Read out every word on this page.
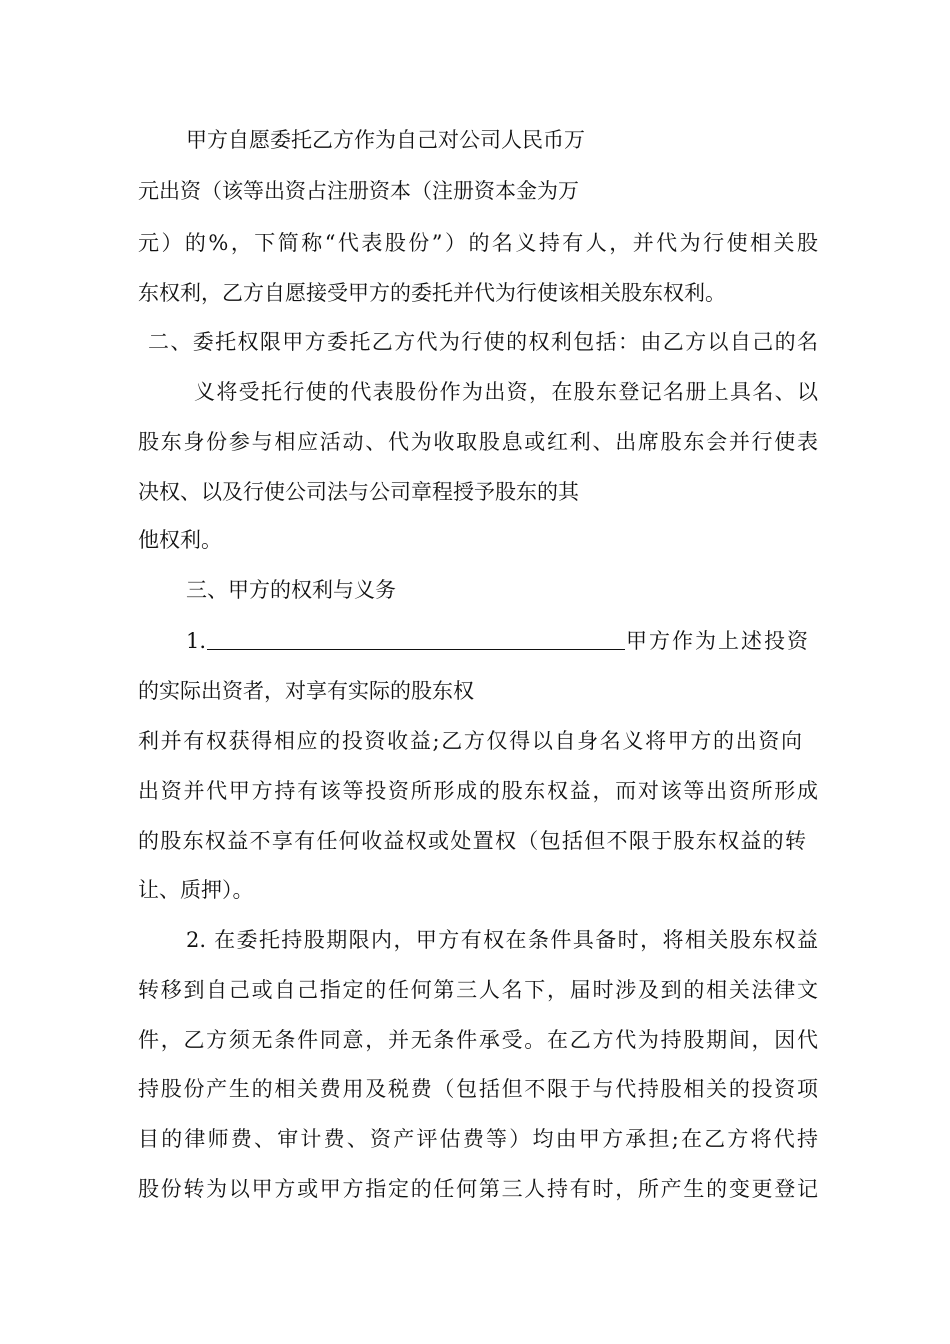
甲方自愿委托乙方作为自己对公司人民币万
元出资（该等出资占注册资本（注册资本金为万
元）的%，下简称“代表股份”）的名义持有人，并代为行使相关股
东权利，乙方自愿接受甲方的委托并代为行使该相关股东权利。
二、委托权限甲方委托乙方代为行使的权利包括：由乙方以自己的名
义将受托行使的代表股份作为出资，在股东登记名册上具名、以
股东身份参与相应活动、代为收取股息或红利、出席股东会并行使表
决权、以及行使公司法与公司章程授予股东的其
他权利。
三、甲方的权利与义务
1.	甲方作为上述投资
的实际出资者，对享有实际的股东权
利并有权获得相应的投资收益;乙方仅得以自身名义将甲方的出资向
出资并代甲方持有该等投资所形成的股东权益，而对该等出资所形成
的股东权益不享有任何收益权或处置权（包括但不限于股东权益的转
让、质押）。
2. 在委托持股期限内，甲方有权在条件具备时，将相关股东权益
转移到自己或自己指定的任何第三人名下，届时涉及到的相关法律文
件，乙方须无条件同意，并无条件承受。在乙方代为持股期间，因代
持股份产生的相关费用及税费（包括但不限于与代持股相关的投资项
目的律师费、审计费、资产评估费等）均由甲方承担;在乙方将代持
股份转为以甲方或甲方指定的任何第三人持有时，所产生的变更登记
